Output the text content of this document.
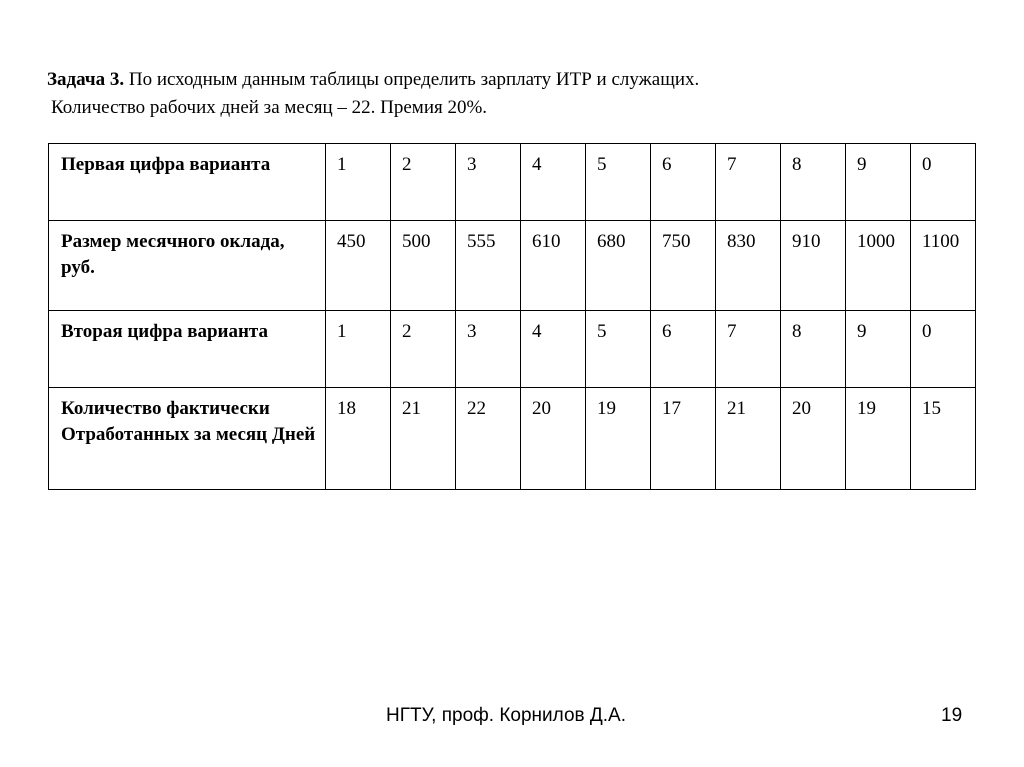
Задача 3. По исходным данным таблицы определить зарплату ИТР и служащих.
Количество рабочих дней за месяц – 22. Премия 20%.
Первая цифра варианта	1	2	3	4	5	6	7	8	9	0
Размер месячного оклада, руб.	450	500	555	610	680	750	830	910	1000	1100
Вторая цифра варианта	1	2	3	4	5	6	7	8	9	0
Количество фактически Отработанных за месяц Дней	18	21	22	20	19	17	21	20	19	15
НГТУ, проф. Корнилов Д.А.	19
